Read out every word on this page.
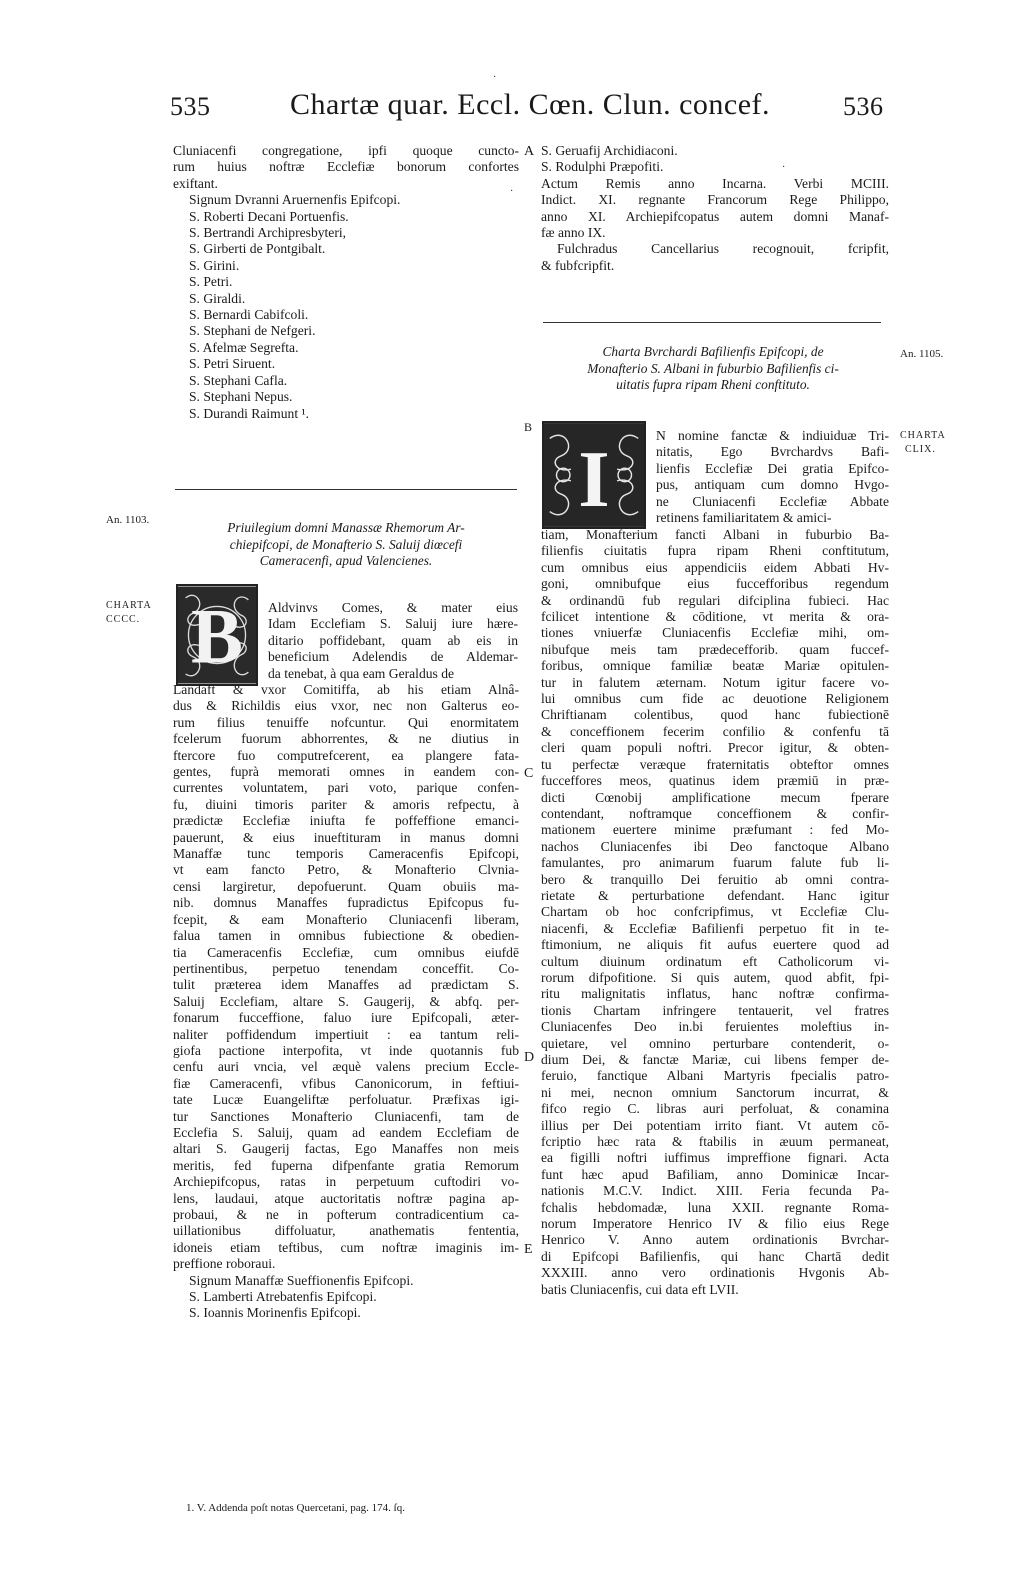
535	Chartæ quar. Eccl. Cœn. Clun. concef.	536
Cluniacenfi congregatione, ipfi quoque cuncto-
rum huius noftræ Ecclefiæ bonorum confortes
exiftant.
Signum Dvranni Aruernenfis Epifcopi.
S. Roberti Decani Portuenfis.
S. Bertrandi Archipresbyteri,
S. Girberti de Pontgibalt.
S. Girini.
S. Petri.
S. Giraldi.
S. Bernardi Cabifcoli.
S. Stephani de Nefgeri.
S. Afelmæ Segrefta.
S. Petri Siruent.
S. Stephani Cafla.
S. Stephani Nepus.
S. Durandi Raimunt ¹.
Priuilegium domni Manassæ Rhemorum Ar-
chiepifcopi, de Monafterio S. Saluij diœcefi
Cameracenfi, apud Valencienes.
B Aldvinvs Comes, & mater eius
Idam Ecclefiam S. Saluij iure hære-
ditario poffidebant, quam ab eis in
beneficium Adelendis de Aldemar-
da tenebat, à qua eam Geraldus de
Landaft & vxor Comitiffa, ab his etiam Alnâ-
dus & Richildis eius vxor, nec non Galterus eo-
rum filius tenuiffe nofcuntur. Qui enormitatem
fcelerum fuorum abhorrentes, & ne diutius in
ftercore fuo computrefcerent, ea plangere fata-
gentes, fuprà memorati omnes in eandem con-
currentes voluntatem, pari voto, parique confen-
fu, diuini timoris pariter & amoris refpectu, à
prædictæ Ecclefiæ iniufta fe poffeffione emanci-
pauerunt, & eius inueftituram in manus domni
Manaffæ tunc temporis Cameracenfis Epifcopi,
vt eam fancto Petro, & Monafterio Clvnia-
censi largiretur, depofuerunt. Quam obuiis ma-
nib. domnus Manaffes fupradictus Epifcopus fu-
fcepit, & eam Monafterio Cluniacenfi liberam,
falua tamen in omnibus fubiectione & obedien-
tia Cameracenfis Ecclefiæ, cum omnibus eiufdē
pertinentibus, perpetuo tenendam conceffit. Co-
tulit præterea idem Manaffes ad prædictam S.
Saluij Ecclefiam, altare S. Gaugerij, & abfq. per-
fonarum fucceffione, faluo iure Epifcopali, æter-
naliter poffidendum impertiuit : ea tantum reli-
giofa pactione interpofita, vt inde quotannis fub
cenfu auri vncia, vel æquè valens precium Eccle-
fiæ Cameracenfi, vfibus Canonicorum, in feftiui-
tate Lucæ Euangeliftæ perfoluatur. Præfixas igi-
tur Sanctiones Monafterio Cluniacenfi, tam de
Ecclefia S. Saluij, quam ad eandem Ecclefiam de
altari S. Gaugerij factas, Ego Manaffes non meis
meritis, fed fuperna difpenfante gratia Remorum
Archiepifcopus, ratas in perpetuum cuftodiri vo-
lens, laudaui, atque auctoritatis noftræ pagina ap-
probaui, & ne in pofterum contradicentium ca-
uillationibus diffoluatur, anathematis fententia,
idoneis etiam teftibus, cum noftræ imaginis im-
preffione roboraui.
Signum Manaffæ Sueffionenfis Epifcopi.
S. Lamberti Atrebatenfis Epifcopi.
S. Ioannis Morinenfis Epifcopi.
S. Geruafij Archidiaconi.
S. Rodulphi Præpofiti.
Actum Remis anno Incarna. Verbi MCIII.
Indict. XI. regnante Francorum Rege Philippo,
anno XI. Archiepifcopatus autem domni Manaf-
fæ anno IX.
Fulchradus Cancellarius recognouit, fcripfit,
& fubfcripfit.
Charta Bvrchardi Bafilienfis Epifcopi, de
Monafterio S. Albani in fuburbio Bafilienfis ci-
uitatis fupra ripam Rheni conftituto.
I	N nomine fanctæ & indiuiduæ Tri-
nitatis, Ego Bvrchardvs Bafi-
lienfis Ecclefiæ Dei gratia Epifco-
pus, antiquam cum domno Hvgo-
ne Cluniacenfi Ecclefiæ Abbate
retinens familiaritatem & amici-
tiam, Monafterium fancti Albani in fuburbio Ba-
filienfis ciuitatis fupra ripam Rheni conftitutum,
cum omnibus eius appendiciis eidem Abbati Hv-
goni, omnibufque eius fuccefforibus regendum
& ordinandū fub regulari difciplina fubieci. Hac
fcilicet intentione & cōditione, vt merita & ora-
tiones vniuerfæ Cluniacenfis Ecclefiæ mihi, om-
nibufque meis tam prædecefforib. quam fuccef-
foribus, omnique familiæ beatæ Mariæ opitulen-
tur in falutem æternam. Notum igitur facere vo-
lui omnibus cum fide ac deuotione Religionem
Chriftianam colentibus, quod hanc fubiectionē
& conceffionem fecerim confilio & confenfu tā
cleri quam populi noftri. Precor igitur, & obten-
tu perfectæ veræque fraternitatis obteftor omnes
fucceffores meos, quatinus idem præmiū in præ-
dicti Cœnobij amplificatione mecum fperare
contendant, noftramque conceffionem & confir-
mationem euertere minime præfumant : fed Mo-
nachos Cluniacenfes ibi Deo fanctoque Albano
famulantes, pro animarum fuarum falute fub li-
bero & tranquillo Dei feruitio ab omni contra-
rietate & perturbatione defendant. Hanc igitur
Chartam ob hoc confcripfimus, vt Ecclefiæ Clu-
niacenfi, & Ecclefiæ Bafilienfi perpetuo fit in te-
ftimonium, ne aliquis fit aufus euertere quod ad
cultum diuinum ordinatum eft Catholicorum vi-
rorum difpofitione. Si quis autem, quod abfit, fpi-
ritu malignitatis inflatus, hanc noftræ confirma-
tionis Chartam infringere tentauerit, vel fratres
Cluniacenfes Deo in.bi feruientes moleftius in-
quietare, vel omnino perturbare contenderit, o-
dium Dei, & fanctæ Mariæ, cui libens femper de-
feruio, fanctique Albani Martyris fpecialis patro-
ni mei, necnon omnium Sanctorum incurrat, &
fifco regio C. libras auri perfoluat, & conamina
illius per Dei potentiam irrito fiant. Vt autem cō-
fcriptio hæc rata & ftabilis in æuum permaneat,
ea figilli noftri iuffimus impreffione fignari. Acta
funt hæc apud Bafiliam, anno Dominicæ Incar-
nationis M.C.V. Indict. XIII. Feria fecunda Pa-
fchalis hebdomadæ, luna XXII. regnante Roma-
norum Imperatore Henrico IV & filio eius Rege
Henrico V. Anno autem ordinationis Bvrchar-
di Epifcopi Bafilienfis, qui hanc Chartā dedit
XXXIII. anno vero ordinationis Hvgonis Ab-
batis Cluniacenfis, cui data eft LVII.
An. 1103.
CHARTA
CCCC.
An. 1105.
CHARTA
CLIX.
A
B
C
D
E
·
·
·
1. V. Addenda poſt notas Quercetani, pag. 174. ſq.
